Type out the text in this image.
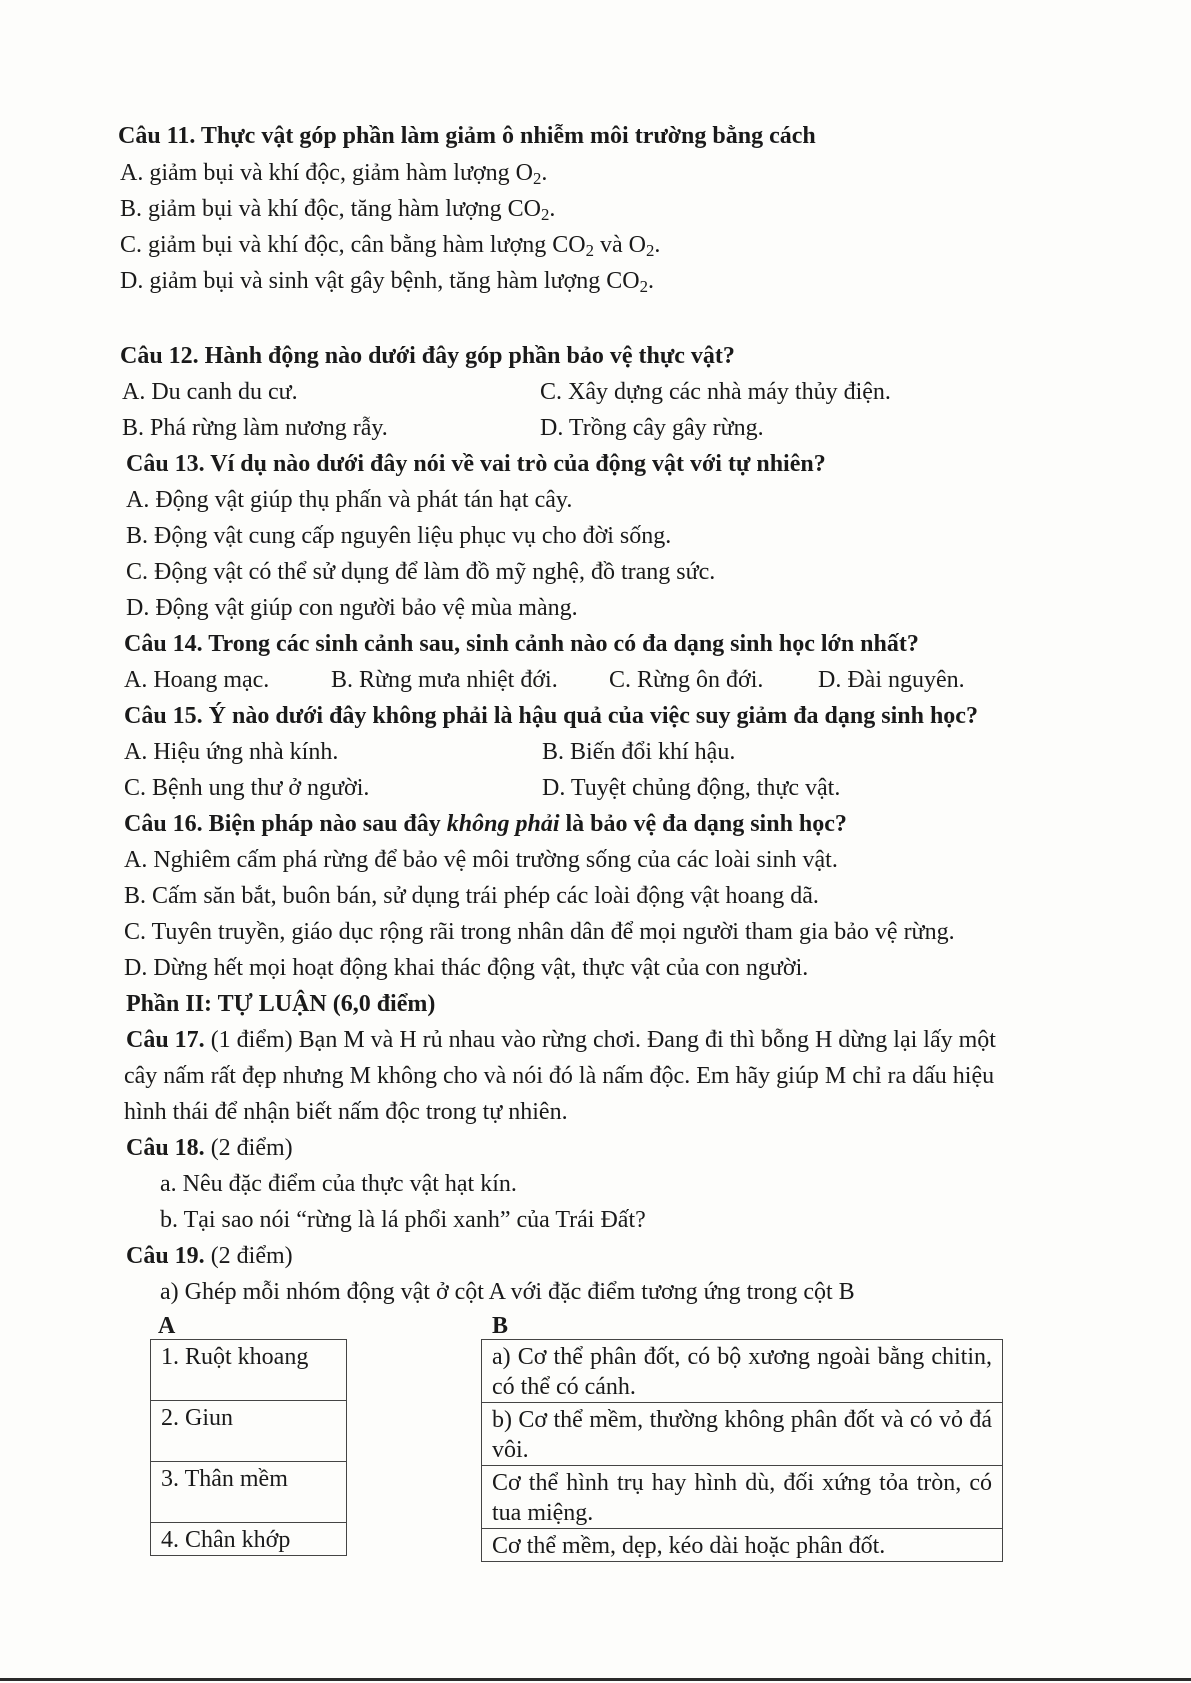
Câu 11. Thực vật góp phần làm giảm ô nhiễm môi trường bằng cách
A. giảm bụi và khí độc, giảm hàm lượng $O_2$.
B. giảm bụi và khí độc, tăng hàm lượng $CO_2$.
C. giảm bụi và khí độc, cân bằng hàm lượng $CO_2$ và $O_2$.
D. giảm bụi và sinh vật gây bệnh, tăng hàm lượng $CO_2$.
Câu 12. Hành động nào dưới đây góp phần bảo vệ thực vật?
A. Du canh du cư.	C. Xây dựng các nhà máy thủy điện.
B. Phá rừng làm nương rẫy.	D. Trồng cây gây rừng.
Câu 13. Ví dụ nào dưới đây nói về vai trò của động vật với tự nhiên?
A. Động vật giúp thụ phấn và phát tán hạt cây.
B. Động vật cung cấp nguyên liệu phục vụ cho đời sống.
C. Động vật có thể sử dụng để làm đồ mỹ nghệ, đồ trang sức.
D. Động vật giúp con người bảo vệ mùa màng.
Câu 14. Trong các sinh cảnh sau, sinh cảnh nào có đa dạng sinh học lớn nhất?
A. Hoang mạc.	B. Rừng mưa nhiệt đới. C. Rừng ôn đới. D. Đài nguyên.
Câu 15. Ý nào dưới đây không phải là hậu quả của việc suy giảm đa dạng sinh học?
A. Hiệu ứng nhà kính.	B. Biến đổi khí hậu.
C. Bệnh ung thư ở người.	D. Tuyệt chủng động, thực vật.
Câu 16. Biện pháp nào sau đây không phải là bảo vệ đa dạng sinh học?
A. Nghiêm cấm phá rừng để bảo vệ môi trường sống của các loài sinh vật.
B. Cấm săn bắt, buôn bán, sử dụng trái phép các loài động vật hoang dã.
C. Tuyên truyền, giáo dục rộng rãi trong nhân dân để mọi người tham gia bảo vệ rừng.
D. Dừng hết mọi hoạt động khai thác động vật, thực vật của con người.
Phần II: TỰ LUẬN (6,0 điểm)
Câu 17. (1 điểm) Bạn M và H rủ nhau vào rừng chơi. Đang đi thì bỗng H dừng lại lấy một
cây nấm rất đẹp nhưng M không cho và nói đó là nấm độc. Em hãy giúp M chỉ ra dấu hiệu
hình thái để nhận biết nấm độc trong tự nhiên.
Câu 18. (2 điểm)
a. Nêu đặc điểm của thực vật hạt kín.
b. Tại sao nói “rừng là lá phổi xanh” của Trái Đất?
Câu 19. (2 điểm)
a) Ghép mỗi nhóm động vật ở cột A với đặc điểm tương ứng trong cột B
A	B
1. Ruột khoang
2. Giun
3. Thân mềm
4. Chân khớp
a) Cơ thể phân đốt, có bộ xương ngoài bằng chitin, có thể có cánh.
b) Cơ thể mềm, thường không phân đốt và có vỏ đá vôi.
Cơ thể hình trụ hay hình dù, đối xứng tỏa tròn, có tua miệng.
Cơ thể mềm, dẹp, kéo dài hoặc phân đốt.
